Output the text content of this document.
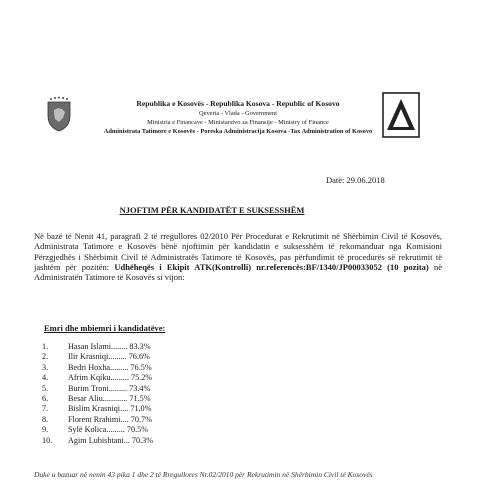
Republika e Kosovës - Republika Kosova - Republic of Kosovo
Qeveria - Vlada - Government
Ministria e Financave - Ministarstvo za Finansije - Ministry of Finance
Administrata Tatimore e Kosovës - Poreska Administracija Kosova -Tax Administration of Kosovo
Datë: 29.06.2018
NJOFTIM PËR KANDIDATËT E SUKSESSHËM
Në bazë të Nenit 41, paragrafi 2 të rregullores 02/2010 Për Procedurat e Rekrutimit në Shërbimin Civil të Kosovës, Administrata Tatimore e Kosovës bënë njoftimin për kandidatin e suksesshëm të rekomanduar nga Komisioni Përzgjedhës i Shërbimit Civil të Administratës Tatimore të Kosovës, pas përfundimit të procedurës së rekrutimit të jashtëm për pozitën: Udhëheqës i Ekipit ATK(Kontrolli) nr.referencës:BF/1340/JP00033052 (10 pozita) në Administratën Tatimore të Kosovës si vijon:
Emri dhe mbiemri i kandidatëve:
1. Hasan Islami........ 83.3%
2. Ilir Krasniqi......... 76.6%
3. Bedri Hoxha......... 76.5%
4. Afrim Kqiku......... 75.2%
5. Burim Troni......... 73.4%
6. Besar Aliu............ 71.5%
7. Bislim Krasniqi.... 71.0%
8. Florent Rrahimi.... 70.7%
9. Sylë Kolica......... 70.5%
10. Agim Lubishtani... 70.3%
Duke u bazuar në nenin 43 pika 1 dhe 2 të Rregullores Nr.02/2010 për Rekrutimin në Shërbimin Civil të Kosovës
